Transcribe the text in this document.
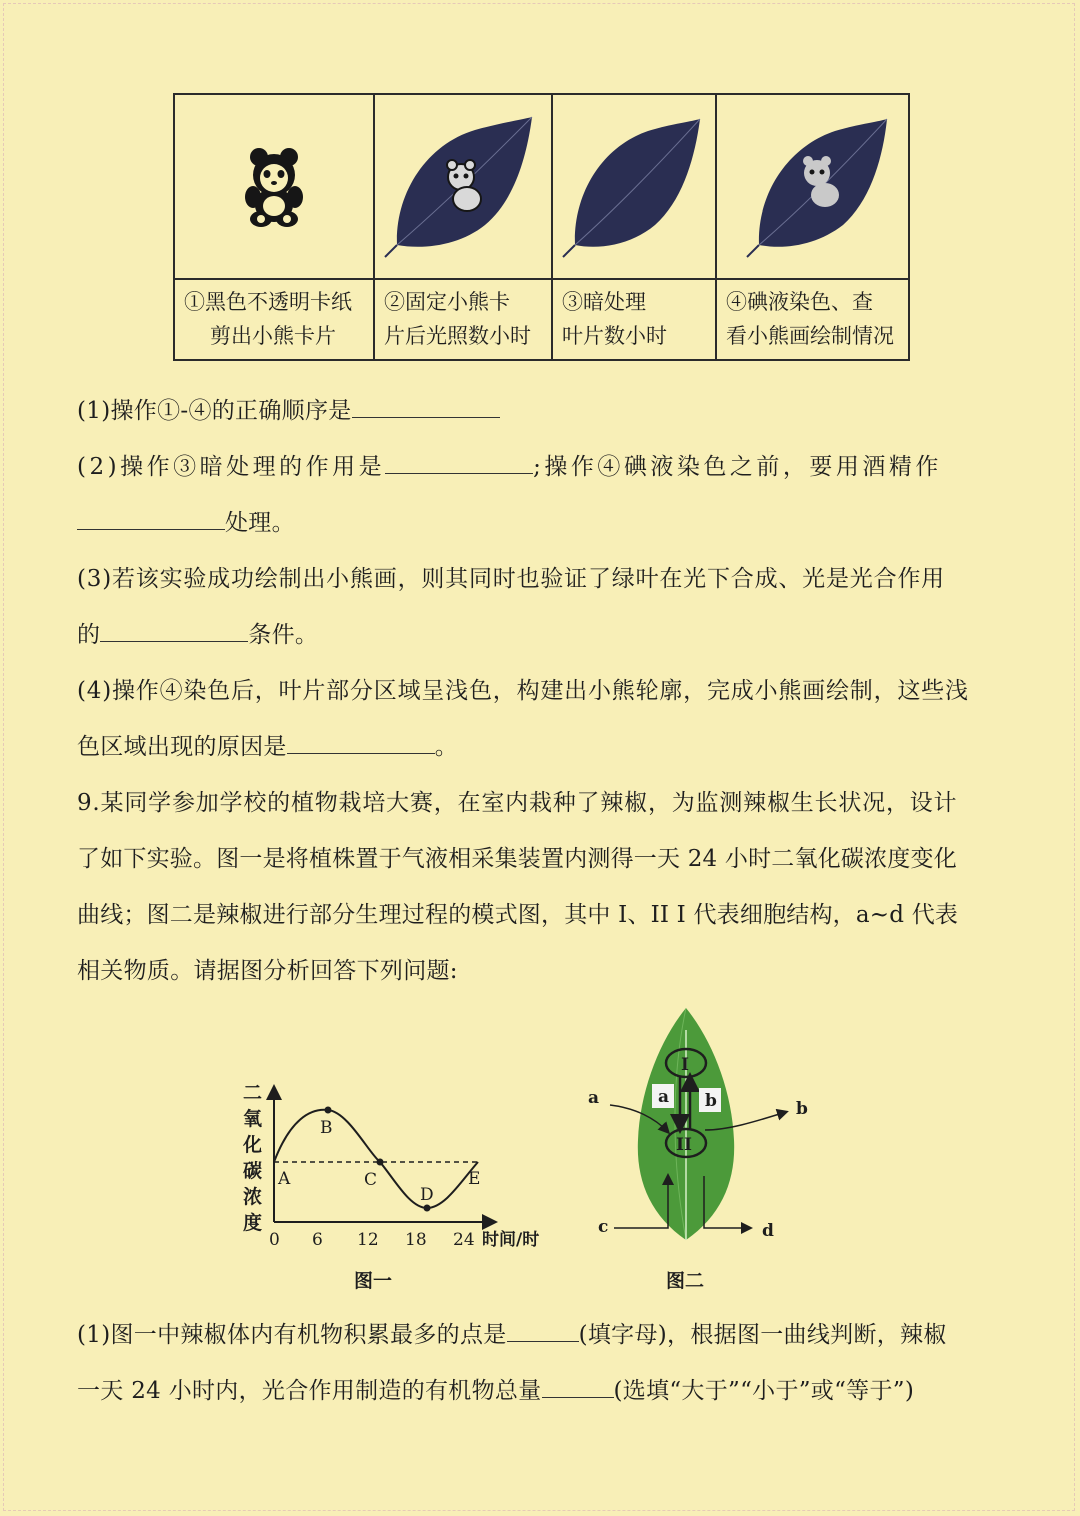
①黑色不透明卡纸
剪出小熊卡片
②固定小熊卡
片后光照数小时
③暗处理
叶片数小时
④碘液染色、查
看小熊画绘制情况
(1)操作①-④的正确顺序是
(2)操作③暗处理的作用是	;操作④碘液染色之前，要用酒精作
处理。
(3)若该实验成功绘制出小熊画，则其同时也验证了绿叶在光下合成、光是光合作用
的	条件。
(4)操作④染色后，叶片部分区域呈浅色，构建出小熊轮廓，完成小熊画绘制，这些浅
色区域出现的原因是	。
9.某同学参加学校的植物栽培大赛，在室内栽种了辣椒，为监测辣椒生长状况，设计
了如下实验。图一是将植株置于气液相采集装置内测得一天 24 小时二氧化碳浓度变化
曲线；图二是辣椒进行部分生理过程的模式图，其中 I、II I 代表细胞结构，a~d 代表
相关物质。请据图分析回答下列问题:
A
B
C
D
E
0 6 12 18 24 时间/时
二氧化碳浓度
图一
I
II
a b
a
b
c	d
图二
(1)图一中辣椒体内有机物积累最多的点是	(填字母)，根据图一曲线判断，辣椒
一天 24 小时内，光合作用制造的有机物总量	(选填“大于”“小于”或“等于”)
